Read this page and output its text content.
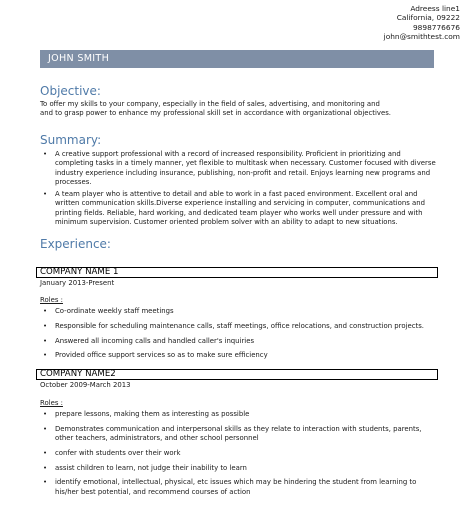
Adreess line1
California, 09222
9898776676
john@smithtest.com
JOHN SMITH
Objective:
To offer my skills to your company, especially in the field of sales, advertising, and monitoring and
and to grasp power to enhance my professional skill set in accordance with organizational objectives.
Summary:
• A creative support professional with a record of increased responsibility. Proficient in prioritizing and completing tasks in a timely manner, yet flexible to multitask when necessary. Customer focused with diverse industry experience including insurance, publishing, non-profit and retail. Enjoys learning new programs and processes.
• A team player who is attentive to detail and able to work in a fast paced environment. Excellent oral and written communication skills.Diverse experience installing and servicing in computer, communications and printing fields. Reliable, hard working, and dedicated team player who works well under pressure and with minimum supervision. Customer oriented problem solver with an ability to adapt to new situations.
Experience:
COMPANY NAME 1
January 2013-Present
Roles :
• Co-ordinate weekly staff meetings
• Responsible for scheduling maintenance calls, staff meetings, office relocations, and construction projects.
• Answered all incoming calls and handled caller's inquiries
• Provided office support services so as to make sure efficiency
COMPANY NAME2
October 2009-March 2013
Roles :
• prepare lessons, making them as interesting as possible
• Demonstrates communication and interpersonal skills as they relate to interaction with students, parents, other teachers, administrators, and other school personnel
• confer with students over their work
• assist children to learn, not judge their inability to learn
• identify emotional, intellectual, physical, etc issues which may be hindering the student from learning to his/her best potential, and recommend courses of action
